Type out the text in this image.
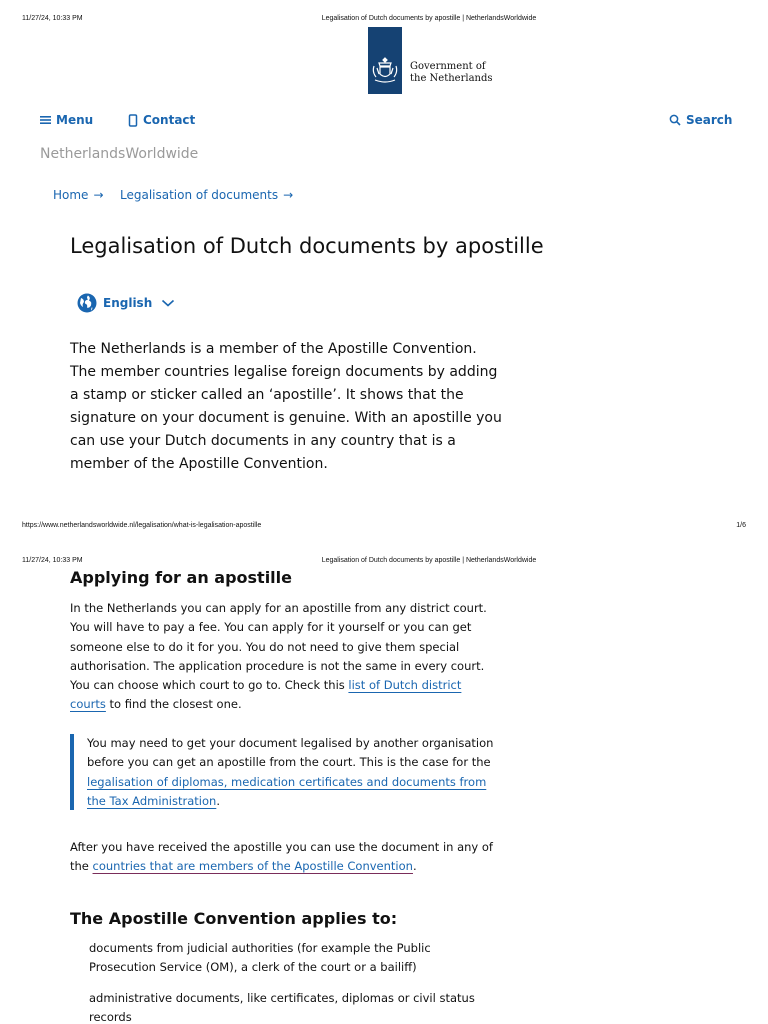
11/27/24, 10:33 PM	Legalisation of Dutch documents by apostille | NetherlandsWorldwide
Government of
the Netherlands
Menu	Contact	Search
NetherlandsWorldwide
Home → Legalisation of documents →
Legalisation of Dutch documents by apostille
English
The Netherlands is a member of the Apostille Convention.
The member countries legalise foreign documents by adding
a stamp or sticker called an ‘apostille’. It shows that the
signature on your document is genuine. With an apostille you
can use your Dutch documents in any country that is a
member of the Apostille Convention.
https://www.netherlandsworldwide.nl/legalisation/what-is-legalisation-apostille	1/6
11/27/24, 10:33 PM	Legalisation of Dutch documents by apostille | NetherlandsWorldwide
Applying for an apostille
In the Netherlands you can apply for an apostille from any district court.
You will have to pay a fee. You can apply for it yourself or you can get
someone else to do it for you. You do not need to give them special
authorisation. The application procedure is not the same in every court.
You can choose which court to go to. Check this list of Dutch district
courts to find the closest one.
You may need to get your document legalised by another organisation
before you can get an apostille from the court. This is the case for the
legalisation of diplomas, medication certificates and documents from
the Tax Administration.
After you have received the apostille you can use the document in any of
the countries that are members of the Apostille Convention.
The Apostille Convention applies to:
documents from judicial authorities (for example the Public
Prosecution Service (OM), a clerk of the court or a bailiff)
administrative documents, like certificates, diplomas or civil status
records
